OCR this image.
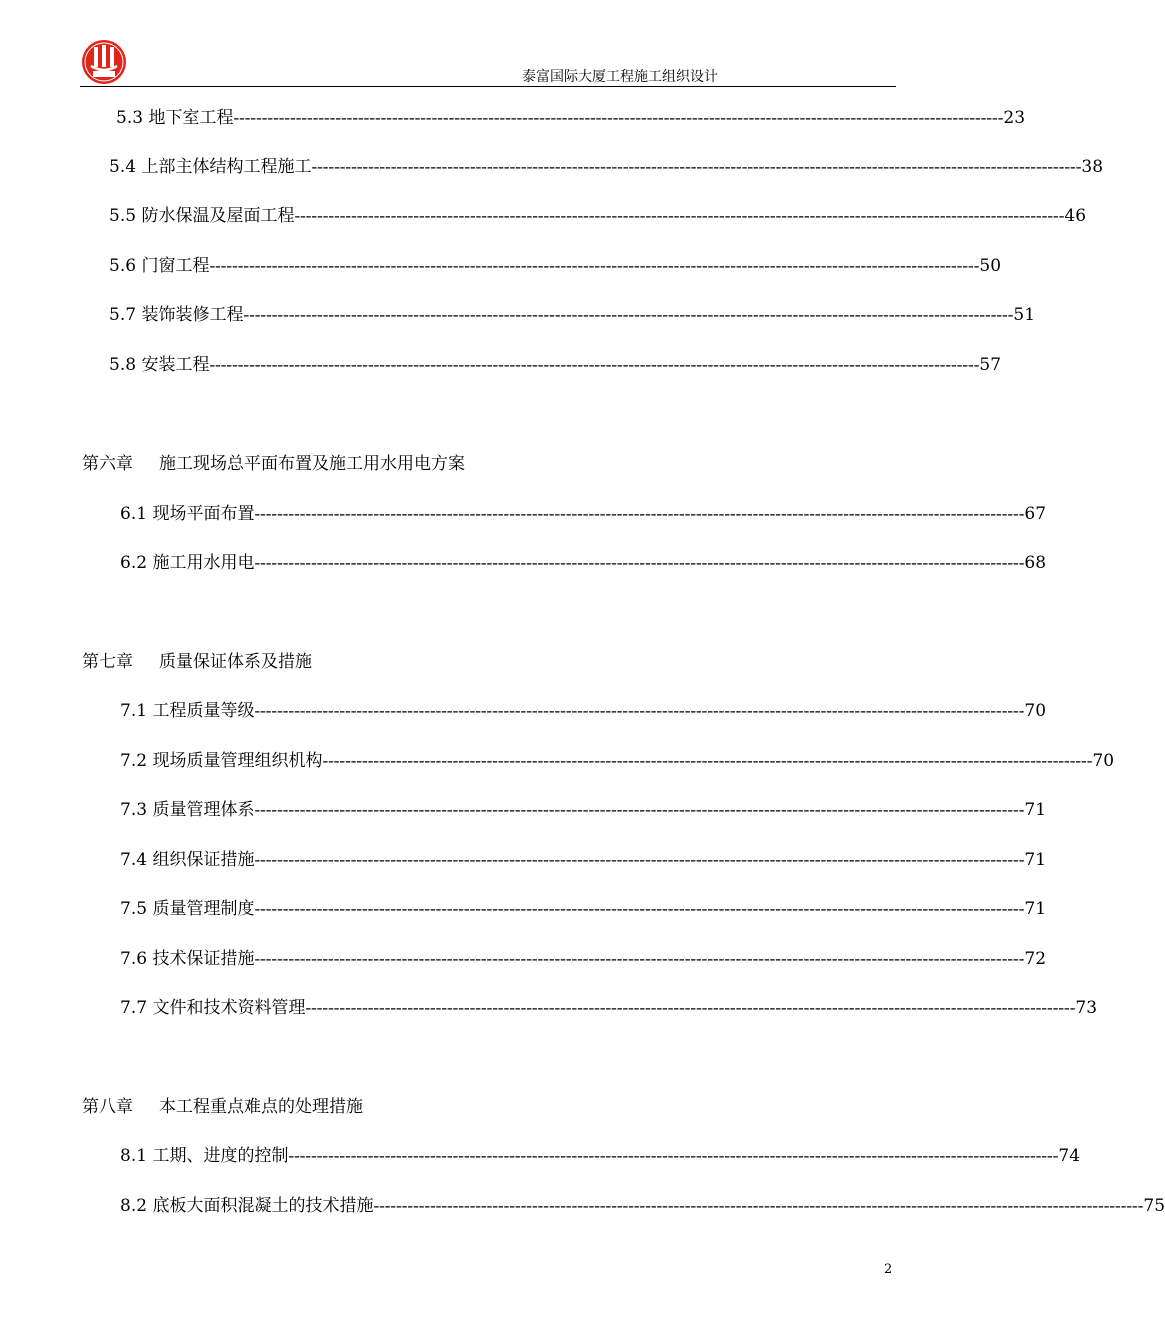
泰富国际大厦工程施工组织设计
5.3 地下室工程 ---------------------------------------------------------------------------------------------------------------------------------------- 23
5.4 上部主体结构工程施工 ---------------------------------------------------------------------------------------------------------------------------------------- 38
5.5 防水保温及屋面工程 ---------------------------------------------------------------------------------------------------------------------------------------- 46
5.6 门窗工程 ---------------------------------------------------------------------------------------------------------------------------------------- 50
5.7 装饰装修工程 ---------------------------------------------------------------------------------------------------------------------------------------- 51
5.8 安装工程 ---------------------------------------------------------------------------------------------------------------------------------------- 57
第六章 施工现场总平面布置及施工用水用电方案
6.1 现场平面布置 ---------------------------------------------------------------------------------------------------------------------------------------- 67
6.2 施工用水用电 ---------------------------------------------------------------------------------------------------------------------------------------- 68
第七章 质量保证体系及措施
7.1 工程质量等级 ---------------------------------------------------------------------------------------------------------------------------------------- 70
7.2 现场质量管理组织机构 ---------------------------------------------------------------------------------------------------------------------------------------- 70
7.3 质量管理体系 ---------------------------------------------------------------------------------------------------------------------------------------- 71
7.4 组织保证措施 ---------------------------------------------------------------------------------------------------------------------------------------- 71
7.5 质量管理制度 ---------------------------------------------------------------------------------------------------------------------------------------- 71
7.6 技术保证措施 ---------------------------------------------------------------------------------------------------------------------------------------- 72
7.7 文件和技术资料管理 ---------------------------------------------------------------------------------------------------------------------------------------- 73
第八章 本工程重点难点的处理措施
8.1 工期、进度的控制 ---------------------------------------------------------------------------------------------------------------------------------------- 74
8.2 底板大面积混凝土的技术措施 ---------------------------------------------------------------------------------------------------------------------------------------- 75
2
